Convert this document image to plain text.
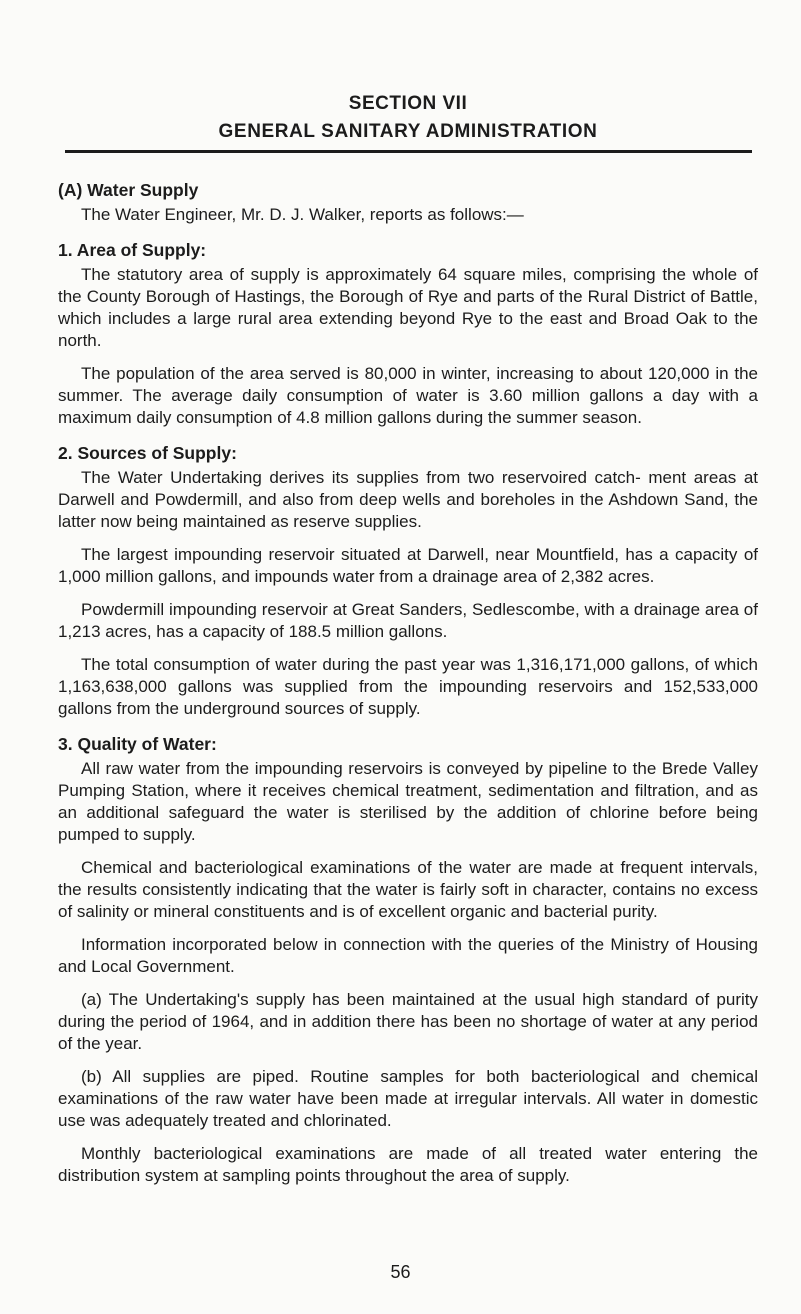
SECTION VII
GENERAL SANITARY ADMINISTRATION
(A) Water Supply

The Water Engineer, Mr. D. J. Walker, reports as follows:—

1. Area of Supply:

The statutory area of supply is approximately 64 square miles, comprising the whole of the County Borough of Hastings, the Borough of Rye and parts of the Rural District of Battle, which includes a large rural area extending beyond Rye to the east and Broad Oak to the north.

The population of the area served is 80,000 in winter, increasing to about 120,000 in the summer. The average daily consumption of water is 3.60 million gallons a day with a maximum daily consumption of 4.8 million gallons during the summer season.

2. Sources of Supply:

The Water Undertaking derives its supplies from two reservoired catch- ment areas at Darwell and Powdermill, and also from deep wells and boreholes in the Ashdown Sand, the latter now being maintained as reserve supplies.

The largest impounding reservoir situated at Darwell, near Mountfield, has a capacity of 1,000 million gallons, and impounds water from a drainage area of 2,382 acres.

Powdermill impounding reservoir at Great Sanders, Sedlescombe, with a drainage area of 1,213 acres, has a capacity of 188.5 million gallons.

The total consumption of water during the past year was 1,316,171,000 gallons, of which 1,163,638,000 gallons was supplied from the impounding reservoirs and 152,533,000 gallons from the underground sources of supply.

3. Quality of Water:

All raw water from the impounding reservoirs is conveyed by pipeline to the Brede Valley Pumping Station, where it receives chemical treatment, sedimentation and filtration, and as an additional safeguard the water is sterilised by the addition of chlorine before being pumped to supply.

Chemical and bacteriological examinations of the water are made at frequent intervals, the results consistently indicating that the water is fairly soft in character, contains no excess of salinity or mineral constituents and is of excellent organic and bacterial purity.

Information incorporated below in connection with the queries of the Ministry of Housing and Local Government.

(a) The Undertaking's supply has been maintained at the usual high standard of purity during the period of 1964, and in addition there has been no shortage of water at any period of the year.

(b) All supplies are piped. Routine samples for both bacteriological and chemical examinations of the raw water have been made at irregular intervals. All water in domestic use was adequately treated and chlorinated.

Monthly bacteriological examinations are made of all treated water entering the distribution system at sampling points throughout the area of supply.

56
